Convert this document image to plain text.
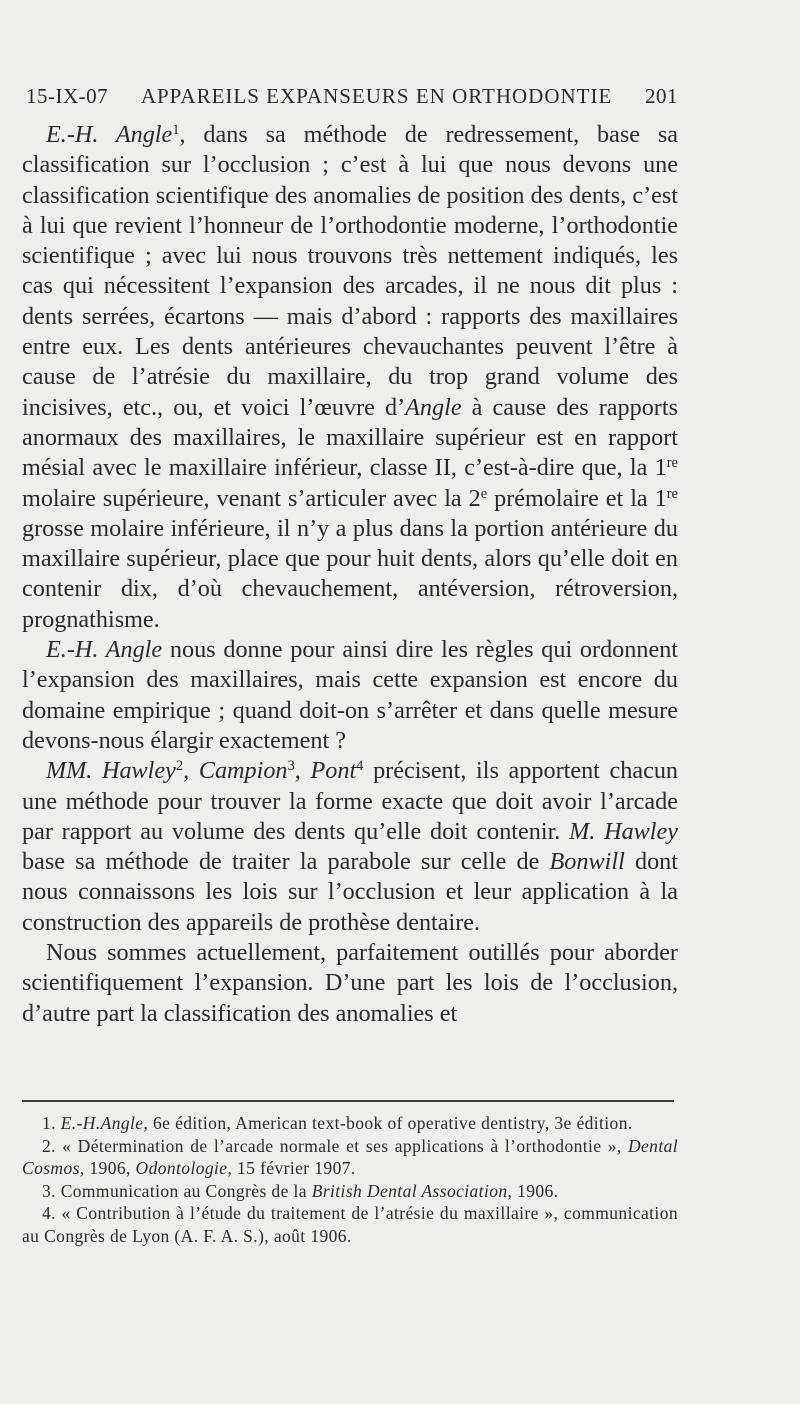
15-IX-07 APPAREILS EXPANSEURS EN ORTHODONTIE 201

E.-H. Angle$^1$, dans sa méthode de redressement, base sa classification sur l’occlusion ; c’est à lui que nous devons une classification scientifique des anomalies de position des dents, c’est à lui que revient l’honneur de l’orthodontie moderne, l’orthodontie scientifique ; avec lui nous trouvons très nettement indiqués, les cas qui nécessitent l’expansion des arcades, il ne nous dit plus : dents serrées, écartons — mais d’abord : rapports des maxillaires entre eux. Les dents antérieures chevauchantes peuvent l’être à cause de l’atrésie du maxillaire, du trop grand volume des incisives, etc., ou, et voici l’œuvre d’Angle à cause des rapports anormaux des maxillaires, le maxillaire supérieur est en rapport mésial avec le maxillaire inférieur, classe II, c’est-à-dire que, la 1re molaire supérieure, venant s’articuler avec la 2e prémolaire et la 1re grosse molaire inférieure, il n’y a plus dans la portion antérieure du maxillaire supérieur, place que pour huit dents, alors qu’elle doit en contenir dix, d’où chevauchement, antéversion, rétroversion, prognathisme.

E.-H. Angle nous donne pour ainsi dire les règles qui ordonnent l’expansion des maxillaires, mais cette expansion est encore du domaine empirique ; quand doit-on s’arrêter et dans quelle mesure devons-nous élargir exactement ?

MM. Hawley$^2$, Campion$^3$, Pont$^4$ précisent, ils apportent chacun une méthode pour trouver la forme exacte que doit avoir l’arcade par rapport au volume des dents qu’elle doit contenir. M. Hawley base sa méthode de traiter la parabole sur celle de Bonwill dont nous connaissons les lois sur l’occlusion et leur application à la construction des appareils de prothèse dentaire.

Nous sommes actuellement, parfaitement outillés pour aborder scientifiquement l’expansion. D’une part les lois de l’occlusion, d’autre part la classification des anomalies et

1. E.-H.Angle, 6e édition, American text-book of operative dentistry, 3e édition.

2. « Détermination de l’arcade normale et ses applications à l’orthodontie », Dental Cosmos, 1906, Odontologie, 15 février 1907.

3. Communication au Congrès de la British Dental Association, 1906.

4. « Contribution à l’étude du traitement de l’atrésie du maxillaire », communication au Congrès de Lyon (A. F. A. S.), août 1906.
